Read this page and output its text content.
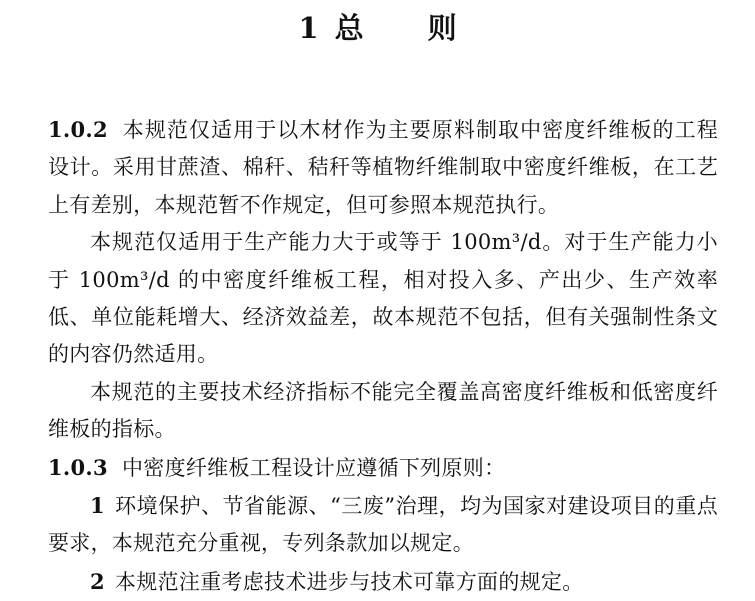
1 总 则

1.0.2 本规范仅适用于以木材作为主要原料制取中密度纤维板的工程设计。采用甘蔗渣、棉秆、秸秆等植物纤维制取中密度纤维板，在工艺上有差别，本规范暂不作规定，但可参照本规范执行。

本规范仅适用于生产能力大于或等于 100m³/d。对于生产能力小于 100m³/d 的中密度纤维板工程，相对投入多、产出少、生产效率低、单位能耗增大、经济效益差，故本规范不包括，但有关强制性条文的内容仍然适用。

本规范的主要技术经济指标不能完全覆盖高密度纤维板和低密度纤维板的指标。

1.0.3 中密度纤维板工程设计应遵循下列原则：

1 环境保护、节省能源、“三废”治理，均为国家对建设项目的重点要求，本规范充分重视，专列条款加以规定。

2 本规范注重考虑技术进步与技术可靠方面的规定。
